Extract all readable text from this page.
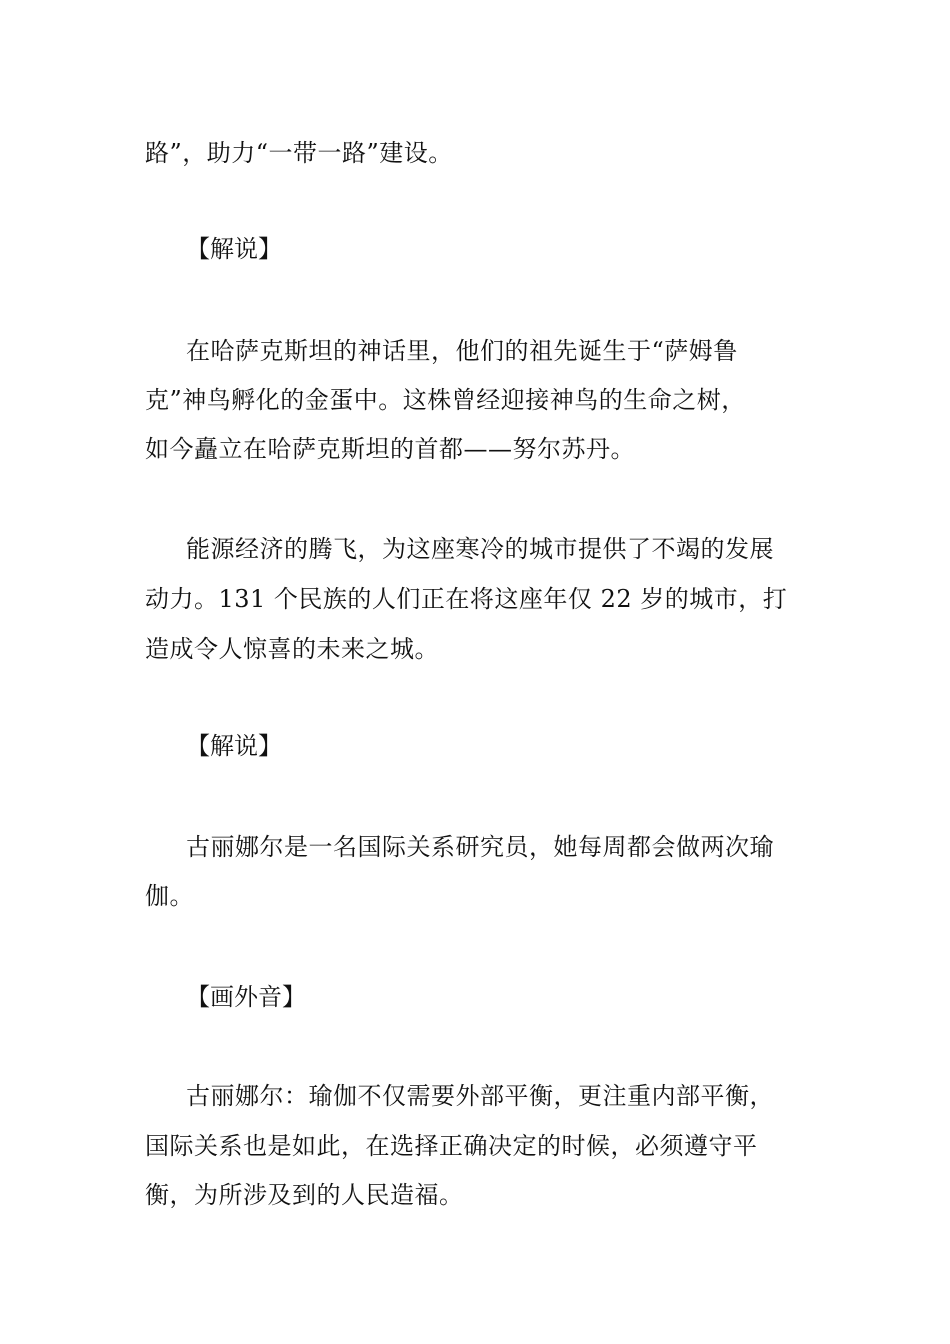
路”，助力“一带一路”建设。
【解说】
在哈萨克斯坦的神话里，他们的祖先诞生于“萨姆鲁
克”神鸟孵化的金蛋中。这株曾经迎接神鸟的生命之树，
如今矗立在哈萨克斯坦的首都——努尔苏丹。
能源经济的腾飞，为这座寒冷的城市提供了不竭的发展
动力。131 个民族的人们正在将这座年仅 22 岁的城市，打
造成令人惊喜的未来之城。
【解说】
古丽娜尔是一名国际关系研究员，她每周都会做两次瑜
伽。
【画外音】
古丽娜尔：瑜伽不仅需要外部平衡，更注重内部平衡，
国际关系也是如此，在选择正确决定的时候，必须遵守平
衡，为所涉及到的人民造福。
